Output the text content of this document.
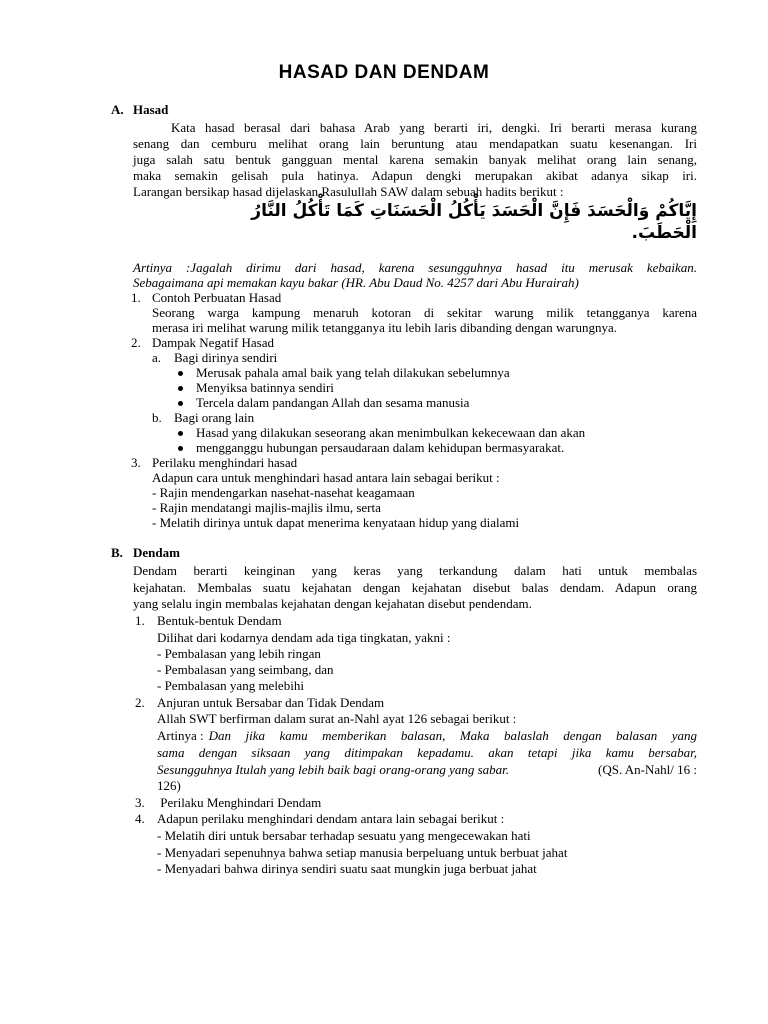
HASAD DAN DENDAM
A. Hasad
Kata hasad berasal dari bahasa Arab yang berarti iri, dengki. Iri berarti merasa kurang
senang dan cemburu melihat orang lain beruntung atau mendapatkan suatu kesenangan. Iri
juga salah satu bentuk gangguan mental karena semakin banyak melihat orang lain senang,
maka semakin gelisah pula hatinya. Adapun dengki merupakan akibat adanya sikap iri.
Larangan bersikap hasad dijelaskan Rasulullah SAW dalam sebuah hadits berikut :
إِيَّاكُمْ وَالْحَسَدَ فَإِنَّ الْحَسَدَ يَأْكُلُ الْحَسَنَاتِ كَمَا تَأْكُلُ النَّارُ
الْحَطَبَ.
Artinya :Jagalah dirimu dari hasad, karena sesungguhnya hasad itu merusak kebaikan.
Sebagaimana api memakan kayu bakar (HR. Abu Daud No. 4257 dari Abu Hurairah)
1. Contoh Perbuatan Hasad
Seorang warga kampung menaruh kotoran di sekitar warung milik tetangganya karena
merasa iri melihat warung milik tetangganya itu lebih laris dibanding dengan warungnya.
2. Dampak Negatif Hasad
a. Bagi dirinya sendiri
Merusak pahala amal baik yang telah dilakukan sebelumnya
Menyiksa batinnya sendiri
Tercela dalam pandangan Allah dan sesama manusia
b. Bagi orang lain
Hasad yang dilakukan seseorang akan menimbulkan kekecewaan dan akan
mengganggu hubungan persaudaraan dalam kehidupan bermasyarakat.
3. Perilaku menghindari hasad
Adapun cara untuk menghindari hasad antara lain sebagai berikut :
- Rajin mendengarkan nasehat-nasehat keagamaan
- Rajin mendatangi majlis-majlis ilmu, serta
- Melatih dirinya untuk dapat menerima kenyataan hidup yang dialami
B. Dendam
Dendam berarti keinginan yang keras yang terkandung dalam hati untuk membalas
kejahatan. Membalas suatu kejahatan dengan kejahatan disebut balas dendam. Adapun orang
yang selalu ingin membalas kejahatan dengan kejahatan disebut pendendam.
1. Bentuk-bentuk Dendam
Dilihat dari kodarnya dendam ada tiga tingkatan, yakni :
- Pembalasan yang lebih ringan
- Pembalasan yang seimbang, dan
- Pembalasan yang melebihi
2. Anjuran untuk Bersabar dan Tidak Dendam
Allah SWT berfirman dalam surat an-Nahl ayat 126 sebagai berikut :
Artinya : Dan jika kamu memberikan balasan, Maka balaslah dengan balasan yang
sama dengan siksaan yang ditimpakan kepadamu. akan tetapi jika kamu bersabar,
Sesungguhnya Itulah yang lebih baik bagi orang-orang yang sabar.	(QS. An-Nahl/ 16 :
126)
3. Perilaku Menghindari Dendam
4. Adapun perilaku menghindari dendam antara lain sebagai berikut :
- Melatih diri untuk bersabar terhadap sesuatu yang mengecewakan hati
- Menyadari sepenuhnya bahwa setiap manusia berpeluang untuk berbuat jahat
- Menyadari bahwa dirinya sendiri suatu saat mungkin juga berbuat jahat
